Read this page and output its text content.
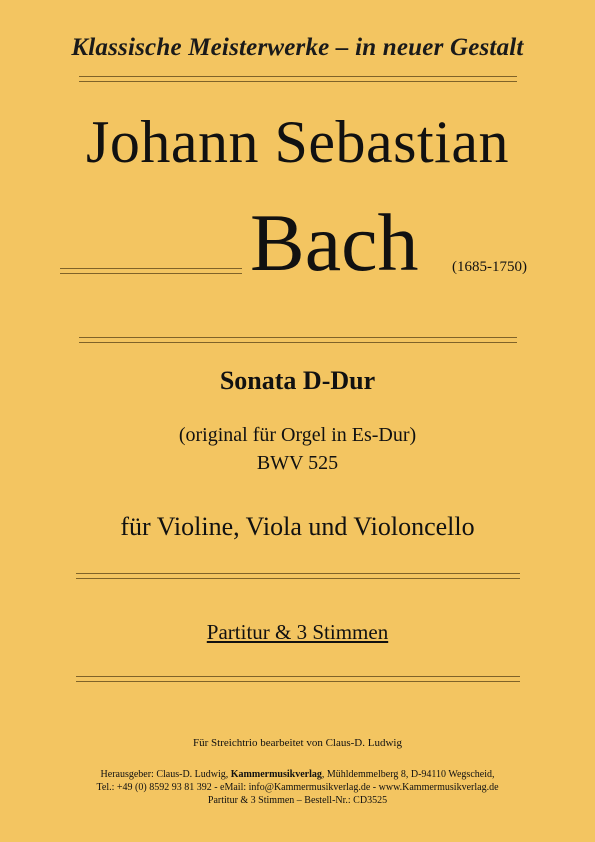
Klassische Meisterwerke – in neuer Gestalt
Johann Sebastian
Bach (1685-1750)
Sonata D-Dur
(original für Orgel in Es-Dur)
BWV 525
für Violine, Viola und Violoncello
Partitur & 3 Stimmen
Für Streichtrio bearbeitet von Claus-D. Ludwig
Herausgeber: Claus-D. Ludwig, Kammermusikverlag, Mühldemmelberg 8, D-94110 Wegscheid,
Tel.: +49 (0) 8592 93 81 392 - eMail: info@Kammermusikverlag.de - www.Kammermusikverlag.de
Partitur & 3 Stimmen – Bestell-Nr.: CD3525
